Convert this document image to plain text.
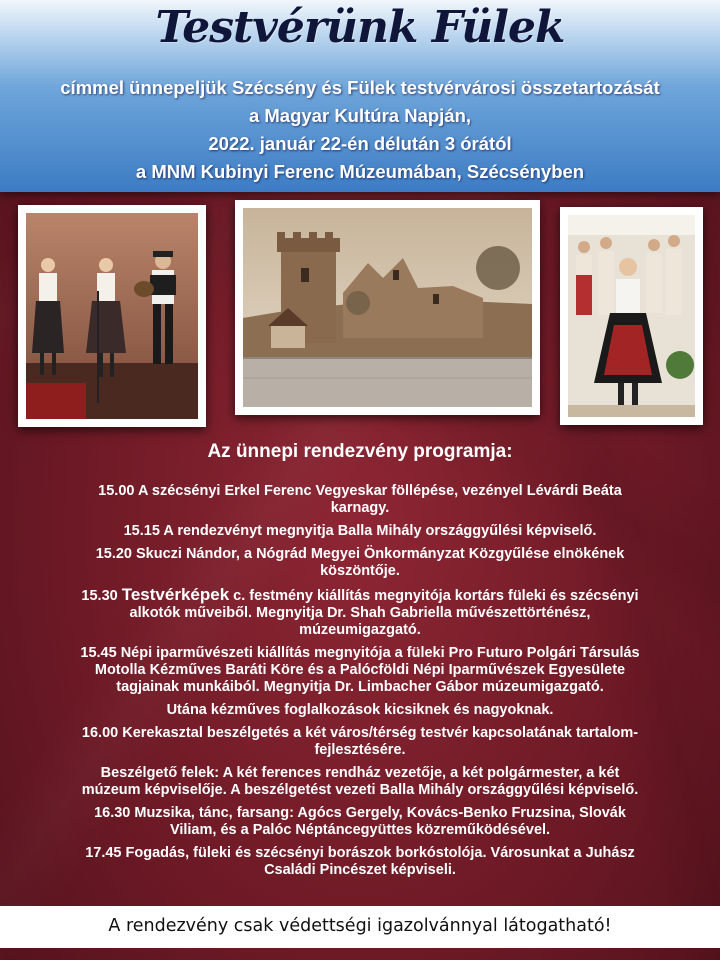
Testvérünk Fülek
címmel ünnepeljük Szécsény és Fülek testvérvárosi összetartozását
a Magyar Kultúra Napján,
2022. január 22-én délután 3 órától
a MNM Kubinyi Ferenc Múzeumában, Szécsényben
Az ünnepi rendezvény programja:
15.00 A szécsényi Erkel Ferenc Vegyeskar föllépése, vezényel Lévárdi Beáta
karnagy.
15.15 A rendezvényt megnyitja Balla Mihály országgyűlési képviselő.
15.20 Skuczi Nándor, a Nógrád Megyei Önkormányzat Közgyűlése elnökének
köszöntője.
15.30 Testvérképek c. festmény kiállítás megnyitója kortárs füleki és szécsényi
alkotók műveiből. Megnyitja Dr. Shah Gabriella művészettörténész,
múzeumigazgató.
15.45 Népi iparművészeti kiállítás megnyitója a füleki Pro Futuro Polgári Társulás
Motolla Kézműves Baráti Köre és a Palócföldi Népi Iparművészek Egyesülete
tagjainak munkáiból. Megnyitja Dr. Limbacher Gábor múzeumigazgató.
Utána kézműves foglalkozások kicsiknek és nagyoknak.
16.00 Kerekasztal beszélgetés a két város/térség testvér kapcsolatának tartalom-
fejlesztésére.
Beszélgető felek: A két ferences rendház vezetője, a két polgármester, a két
múzeum képviselője. A beszélgetést vezeti Balla Mihály országgyűlési képviselő.
16.30 Muzsika, tánc, farsang: Agócs Gergely, Kovács-Benko Fruzsina, Slovák
Viliam, és a Palóc Néptáncegyüttes közreműködésével.
17.45 Fogadás, füleki és szécsényi borászok borkóstolója. Városunkat a Juhász
Családi Pincészet képviseli.
A rendezvény csak védettségi igazolvánnyal látogatható!
